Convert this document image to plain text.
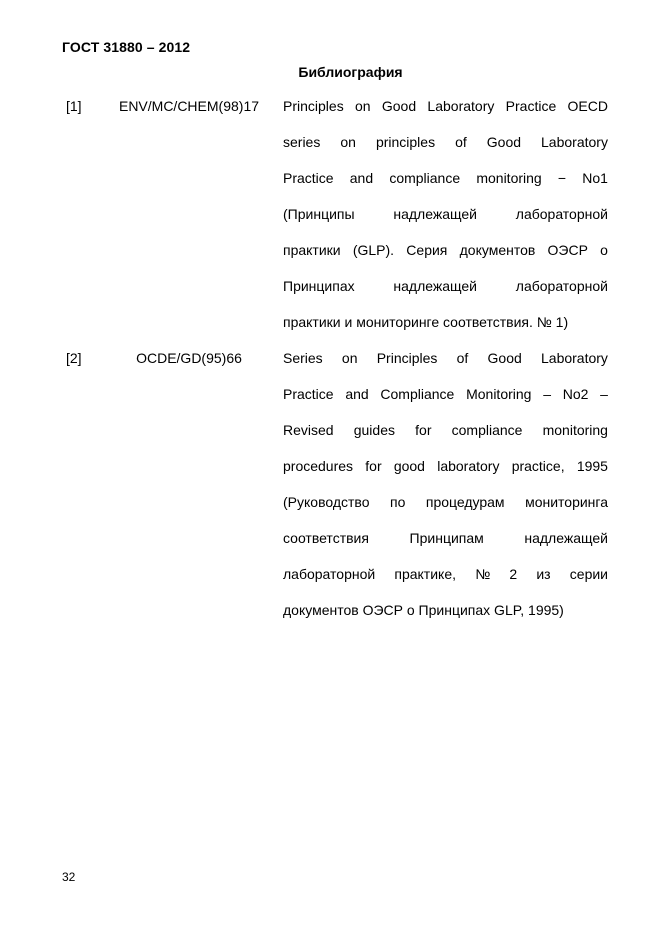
ГОСТ 31880 – 2012
Библиография
[1]	ENV/MC/CHEM(98)17	Principles on Good Laboratory Practice OECD
series on principles of Good Laboratory
Practice and compliance monitoring − No1
(Принципы	надлежащей	лабораторной
практики (GLP). Серия документов ОЭСР о
Принципах	надлежащей	лабораторной
практики и мониторинге соответствия. № 1)
[2]	OCDE/GD(95)66	Series on Principles of Good Laboratory
Practice and Compliance Monitoring – No2 –
Revised guides for compliance monitoring
procedures for good laboratory practice, 1995
(Руководство по процедурам мониторинга
соответствия	Принципам	надлежащей
лабораторной практике, № 2 из серии
документов ОЭСР о Принципах GLP, 1995)
32
